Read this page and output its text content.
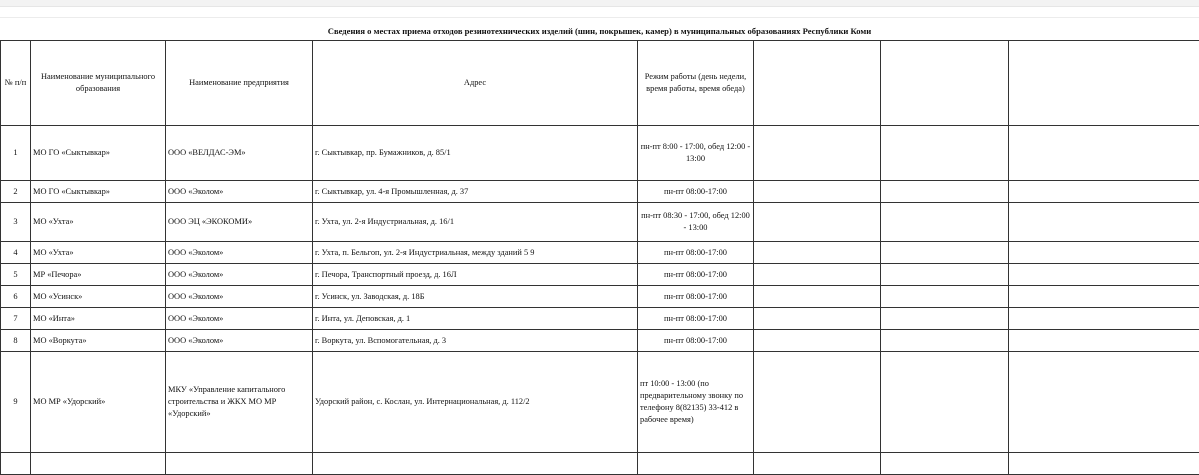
Сведения о местах приема отходов резинотехнических изделий (шин, покрышек, камер) в муниципальных образованиях Республики Коми
№ п/п	Наименование муниципального образования	Наименование предприятия	Адрес	Режим работы (день недели, время работы, время обеда)			
1	МО ГО «Сыктывкар»	ООО «ВЕЛДАС-ЭМ»	г. Сыктывкар, пр. Бумажников, д. 85/1	пн-пт 8:00 - 17:00, обед 12:00 - 13:00			
2	МО ГО «Сыктывкар»	ООО «Эколом»	г. Сыктывкар, ул. 4-я Промышленная, д. 37	пн-пт 08:00-17:00			
3	МО «Ухта»	ООО ЭЦ «ЭКОКОМИ»	г. Ухта, ул. 2-я Индустриальная, д. 16/1	пн-пт 08:30 - 17:00, обед 12:00 - 13:00			
4	МО «Ухта»	ООО «Эколом»	г. Ухта, п. Бельгоп, ул. 2-я Индустриальная, между зданий 5 9	пн-пт 08:00-17:00			
5	МР «Печора»	ООО «Эколом»	г. Печора, Транспортный проезд, д. 16Л	пн-пт 08:00-17:00			
6	МО «Усинск»	ООО «Эколом»	г. Усинск, ул. Заводская, д. 18Б	пн-пт 08:00-17:00			
7	МО «Инта»	ООО «Эколом»	г. Инта, ул. Деповская, д. 1	пн-пт 08:00-17:00			
8	МО «Воркута»	ООО «Эколом»	г. Воркута, ул. Вспомогательная, д. 3	пн-пт 08:00-17:00			
9	МО МР «Удорский»	МКУ «Управление капитального строительства и ЖКХ МО МР «Удорский»	Удорский район, с. Кослан, ул. Интернациональная, д. 112/2	пт 10:00 - 13:00 (по предварительному звонку по телефону 8(82135) 33-412 в рабочее время)			
